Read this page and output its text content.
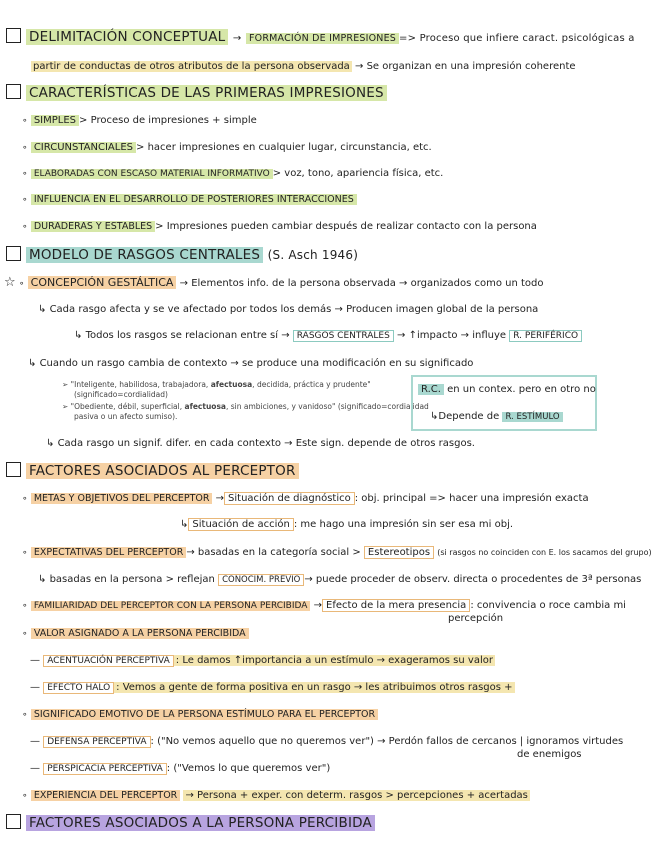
DELIMITACIÓN CONCEPTUAL → FORMACIÓN DE IMPRESIONES => Proceso que infiere caract. psicológicas a
partir de conductas de otros atributos de la persona observada → Se organizan en una impresión coherente
CARACTERÍSTICAS DE LAS PRIMERAS IMPRESIONES
∘ SIMPLES > Proceso de impresiones + simple
∘ CIRCUNSTANCIALES > hacer impresiones en cualquier lugar, circunstancia, etc.
∘ ELABORADAS CON ESCASO MATERIAL INFORMATIVO > voz, tono, apariencia física, etc.
∘ INFLUENCIA EN EL DESARROLLO DE POSTERIORES INTERACCIONES
∘ DURADERAS Y ESTABLES > Impresiones pueden cambiar después de realizar contacto con la persona
MODELO DE RASGOS CENTRALES (S. Asch 1946)
☆ ∘ CONCEPCIÓN GESTÁLTICA → Elementos info. de la persona observada → organizados como un todo
↳ Cada rasgo afecta y se ve afectado por todos los demás → Producen imagen global de la persona
↳ Todos los rasgos se relacionan entre sí → RASGOS CENTRALES → ↑impacto → influye R. PERIFÉRICO
↳ Cuando un rasgo cambia de contexto → se produce una modificación en su significado
➢ "Inteligente, habilidosa, trabajadora, afectuosa, decidida, práctica y prudente"
(significado=cordialidad)
➢ "Obediente, débil, superficial, afectuosa, sin ambiciones, y vanidoso" (significado=cordialidad
pasiva o un afecto sumiso).
R.C. en un contex. pero en otro no
↳Depende de R. ESTÍMULO
↳ Cada rasgo un signif. difer. en cada contexto → Este sign. depende de otros rasgos.
FACTORES ASOCIADOS AL PERCEPTOR
∘ METAS Y OBJETIVOS DEL PERCEPTOR → Situación de diagnóstico : obj. principal => hacer una impresión exacta
↳ Situación de acción : me hago una impresión sin ser esa mi obj.
∘ EXPECTATIVAS DEL PERCEPTOR → basadas en la categoría social > Estereotipos (si rasgos no coinciden con E. los sacamos del grupo)
↳ basadas en la persona > reflejan CONOCIM. PREVIO → puede proceder de observ. directa o procedentes de 3ª personas
∘ FAMILIARIDAD DEL PERCEPTOR CON LA PERSONA PERCIBIDA → Efecto de la mera presencia : convivencia o roce cambia mi
percepción
∘ VALOR ASIGNADO A LA PERSONA PERCIBIDA
— ACENTUACIÓN PERCEPTIVA : Le damos ↑importancia a un estímulo → exageramos su valor
— EFECTO HALO : Vemos a gente de forma positiva en un rasgo → les atribuimos otros rasgos +
∘ SIGNIFICADO EMOTIVO DE LA PERSONA ESTÍMULO PARA EL PERCEPTOR
— DEFENSA PERCEPTIVA : ("No vemos aquello que no queremos ver") → Perdón fallos de cercanos | ignoramos virtudes
de enemigos
— PERSPICACIA PERCEPTIVA : ("Vemos lo que queremos ver")
∘ EXPERIENCIA DEL PERCEPTOR → Persona + exper. con determ. rasgos > percepciones + acertadas
FACTORES ASOCIADOS A LA PERSONA PERCIBIDA
